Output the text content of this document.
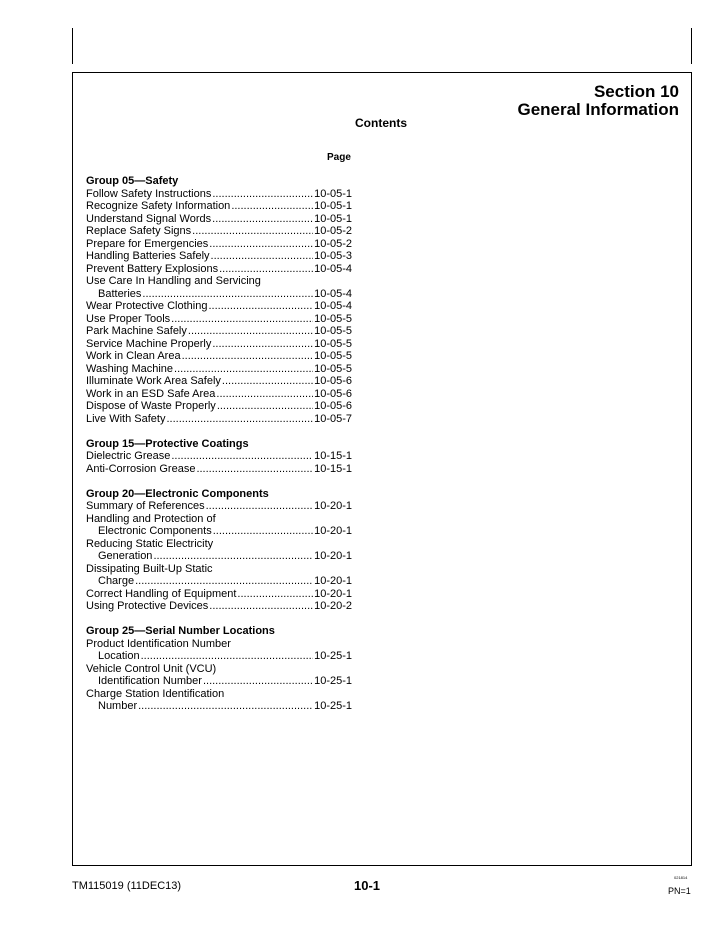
Section 10
General Information
Contents
Page
Group 05—Safety
Follow Safety Instructions .....	10-05-1
Recognize Safety Information .....	10-05-1
Understand Signal Words .....	10-05-1
Replace Safety Signs .....	10-05-2
Prepare for Emergencies .....	10-05-2
Handling Batteries Safely .....	10-05-3
Prevent Battery Explosions .....	10-05-4
Use Care In Handling and Servicing
Batteries .....	10-05-4
Wear Protective Clothing .....	10-05-4
Use Proper Tools .....	10-05-5
Park Machine Safely .....	10-05-5
Service Machine Properly .....	10-05-5
Work in Clean Area .....	10-05-5
Washing Machine .....	10-05-5
Illuminate Work Area Safely .....	10-05-6
Work in an ESD Safe Area .....	10-05-6
Dispose of Waste Properly .....	10-05-6
Live With Safety .....	10-05-7
Group 15—Protective Coatings
Dielectric Grease .....	10-15-1
Anti-Corrosion Grease .....	10-15-1
Group 20—Electronic Components
Summary of References .....	10-20-1
Handling and Protection of
Electronic Components .....	10-20-1
Reducing Static Electricity
Generation .....	10-20-1
Dissipating Built-Up Static
Charge .....	10-20-1
Correct Handling of Equipment .....	10-20-1
Using Protective Devices .....	10-20-2
Group 25—Serial Number Locations
Product Identification Number
Location .....	10-25-1
Vehicle Control Unit (VCU)
Identification Number .....	10-25-1
Charge Station Identification
Number .....	10-25-1
TM115019 (11DEC13)	10-1
021814
PN=1
